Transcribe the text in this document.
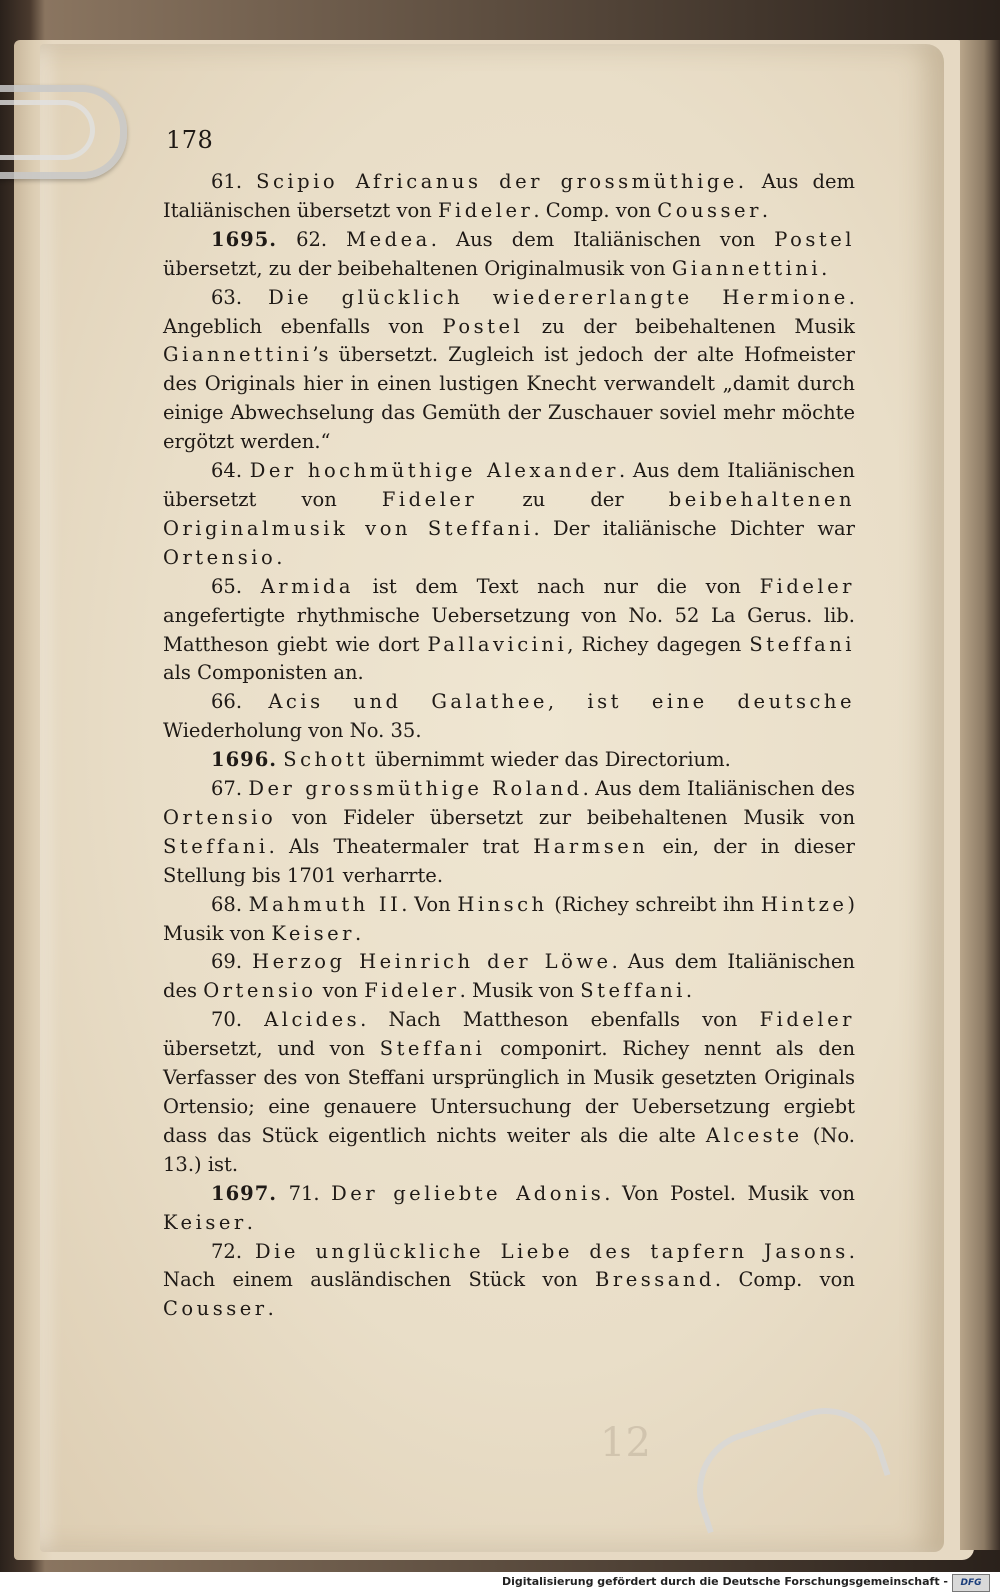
12
178

61. Scipio Africanus der grossmüthige. Aus dem Italiänischen übersetzt von Fideler. Comp. von Cousser.

1695. 62. Medea. Aus dem Italiänischen von Postel übersetzt, zu der beibehaltenen Originalmusik von Giannettini.

63. Die glücklich wiedererlangte Hermione. Angeblich ebenfalls von Postel zu der beibehaltenen Musik Giannettini’s übersetzt. Zugleich ist jedoch der alte Hofmeister des Originals hier in einen lustigen Knecht verwandelt „damit durch einige Abwechselung das Gemüth der Zuschauer soviel mehr möchte ergötzt werden.“

64. Der hochmüthige Alexander. Aus dem Italiänischen übersetzt von Fideler zu der beibehaltenen Originalmusik von Steffani. Der italiänische Dichter war Ortensio.

65. Armida ist dem Text nach nur die von Fideler angefertigte rhythmische Uebersetzung von No. 52 La Gerus. lib. Mattheson giebt wie dort Pallavicini, Richey dagegen Steffani als Componisten an.

66. Acis und Galathee, ist eine deutsche Wiederholung von No. 35.

1696. Schott übernimmt wieder das Directorium.

67. Der grossmüthige Roland. Aus dem Italiänischen des Ortensio von Fideler übersetzt zur beibehaltenen Musik von Steffani. Als Theatermaler trat Harmsen ein, der in dieser Stellung bis 1701 verharrte.

68. Mahmuth II. Von Hinsch (Richey schreibt ihn Hintze) Musik von Keiser.

69. Herzog Heinrich der Löwe. Aus dem Italiänischen des Ortensio von Fideler. Musik von Steffani.

70. Alcides. Nach Mattheson ebenfalls von Fideler übersetzt, und von Steffani componirt. Richey nennt als den Verfasser des von Steffani ursprünglich in Musik gesetzten Originals Ortensio; eine genauere Untersuchung der Uebersetzung ergiebt dass das Stück eigentlich nichts weiter als die alte Alceste (No. 13.) ist.

1697. 71. Der geliebte Adonis. Von Postel. Musik von Keiser.

72. Die unglückliche Liebe des tapfern Jasons. Nach einem ausländischen Stück von Bressand. Comp. von Cousser.

Digitalisierung gefördert durch die Deutsche Forschungsgemeinschaft -	DFG
